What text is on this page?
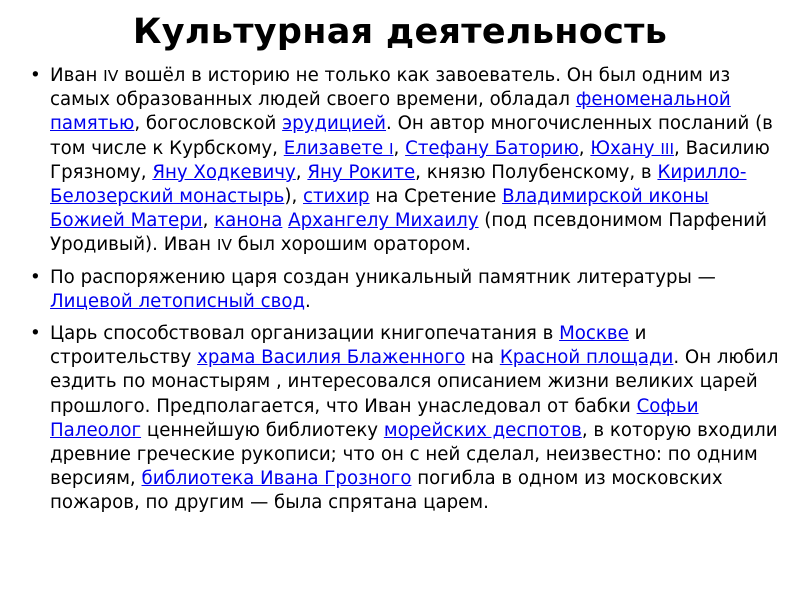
Культурная деятельность
• Иван IV вошёл в историю не только как завоеватель. Он был одним из самых образованных людей своего времени, обладал феноменальной памятью, богословской эрудицией. Он автор многочисленных посланий (в том числе к Курбскому, Елизавете I, Стефану Баторию, Юхану III, Василию Грязному, Яну Ходкевичу, Яну Роките, князю Полубенскому, в Кирилло-Белозерский монастырь), стихир на Сретение Владимирской иконы Божией Матери, канона Архангелу Михаилу (под псевдонимом Парфений Уродивый). Иван IV был хорошим оратором.
• По распоряжению царя создан уникальный памятник литературы — Лицевой летописный свод.
• Царь способствовал организации книгопечатания в Москве и строительству храма Василия Блаженного на Красной площади. Он любил ездить по монастырям , интересовался описанием жизни великих царей прошлого. Предполагается, что Иван унаследовал от бабки Софьи Палеолог ценнейшую библиотеку морейских деспотов, в которую входили древние греческие рукописи; что он с ней сделал, неизвестно: по одним версиям, библиотека Ивана Грозного погибла в одном из московских пожаров, по другим — была спрятана царем.
